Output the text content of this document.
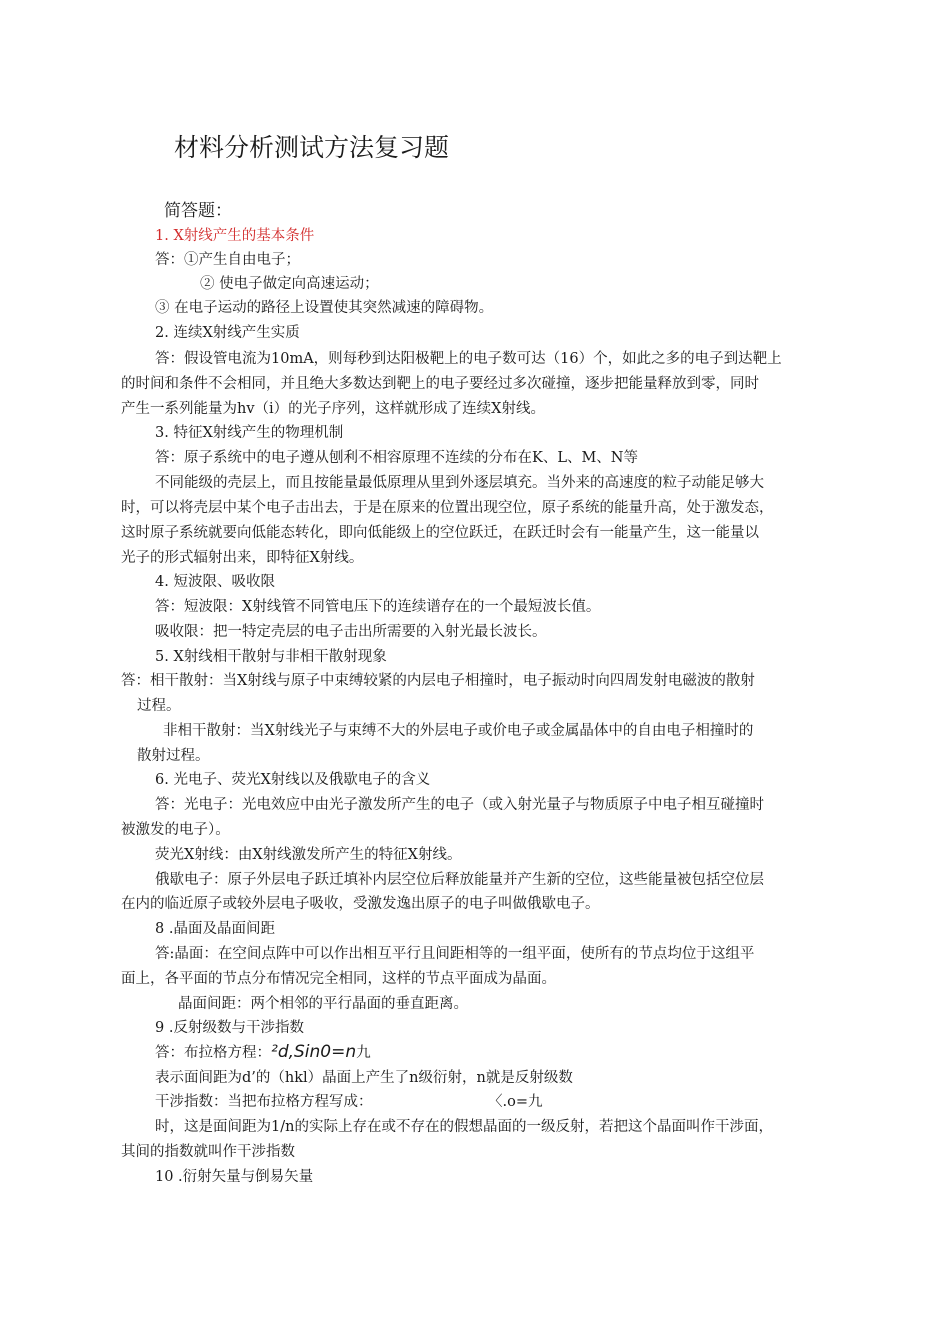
材料分析测试方法复习题
简答题：
1. X射线产生的基本条件
答：①产生自由电子；
② 使电子做定向高速运动；
③ 在电子运动的路径上设置使其突然减速的障碍物。
2. 连续X射线产生实质
答：假设管电流为10mA，则每秒到达阳极靶上的电子数可达（16）个，如此之多的电子到达靶上
的时间和条件不会相同，并且绝大多数达到靶上的电子要经过多次碰撞，逐步把能量释放到零，同时
产生一系列能量为hv（i）的光子序列，这样就形成了连续X射线。
3. 特征X射线产生的物理机制
答：原子系统中的电子遵从刨利不相容原理不连续的分布在K、L、M、N等
不同能级的壳层上，而且按能量最低原理从里到外逐层填充。当外来的高速度的粒子动能足够大
时，可以将壳层中某个电子击出去，于是在原来的位置出现空位，原子系统的能量升高，处于激发态，
这时原子系统就要向低能态转化，即向低能级上的空位跃迁，在跃迁时会有一能量产生，这一能量以
光子的形式辐射出来，即特征X射线。
4. 短波限、吸收限
答：短波限：X射线管不同管电压下的连续谱存在的一个最短波长值。
吸收限：把一特定壳层的电子击出所需要的入射光最长波长。
5. X射线相干散射与非相干散射现象
答：相干散射：当X射线与原子中束缚较紧的内层电子相撞时，电子振动时向四周发射电磁波的散射
过程。
非相干散射：当X射线光子与束缚不大的外层电子或价电子或金属晶体中的自由电子相撞时的
散射过程。
6. 光电子、荧光X射线以及俄歇电子的含义
答：光电子：光电效应中由光子激发所产生的电子（或入射光量子与物质原子中电子相互碰撞时
被激发的电子）。
荧光X射线：由X射线激发所产生的特征X射线。
俄歇电子：原子外层电子跃迁填补内层空位后释放能量并产生新的空位，这些能量被包括空位层
在内的临近原子或较外层电子吸收，受激发逸出原子的电子叫做俄歇电子。
8 .晶面及晶面间距
答:晶面：在空间点阵中可以作出相互平行且间距相等的一组平面，使所有的节点均位于这组平
面上，各平面的节点分布情况完全相同，这样的节点平面成为晶面。
晶面间距：两个相邻的平行晶面的垂直距离。
9 .反射级数与干涉指数
答：布拉格方程：²d,Sin0=n九
表示面间距为d’的（hkl）晶面上产生了n级衍射，n就是反射级数
干涉指数：当把布拉格方程写成：	〈.o=九
时，这是面间距为1/n的实际上存在或不存在的假想晶面的一级反射，若把这个晶面叫作干涉面，
其间的指数就叫作干涉指数
10 .衍射矢量与倒易矢量
